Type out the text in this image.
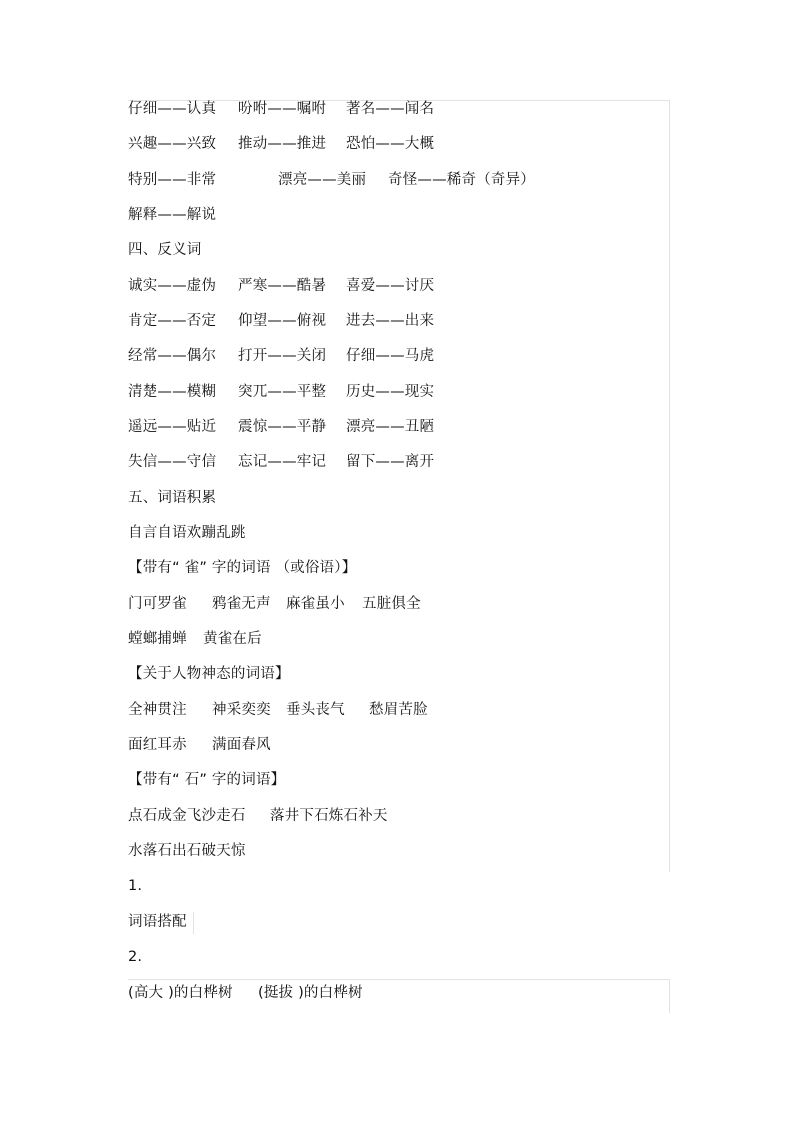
仔细——认真

吩咐——嘱咐

著名——闻名

兴趣——兴致

推动——推进

恐怕——大概

特别——非常

	漂亮——美丽

奇怪——稀奇（奇异）

解释——解说

四、反义词

诚实——虚伪

严寒——酷暑

喜爱——讨厌

肯定——否定

仰望——俯视

进去——出来

经常——偶尔

打开——关闭

仔细——马虎

清楚——模糊

突兀——平整

历史——现实

遥远——贴近

震惊——平静

漂亮——丑陋

失信——守信

忘记——牢记

留下——离开

五、词语积累

自言自语欢蹦乱跳

【带有“ 雀” 字的词语 （或俗语）】

门可罗雀

鸦雀无声

麻雀虽小

五脏俱全

螳螂捕蝉

黄雀在后

【关于人物神态的词语】

全神贯注

神采奕奕

垂头丧气

愁眉苦脸

面红耳赤

满面春风

【带有“ 石” 字的词语】

点石成金飞沙走石

落井下石炼石补天

水落石出石破天惊

1.

词语搭配

2.

(高大 )的白桦树

(挺拔 )的白桦树
